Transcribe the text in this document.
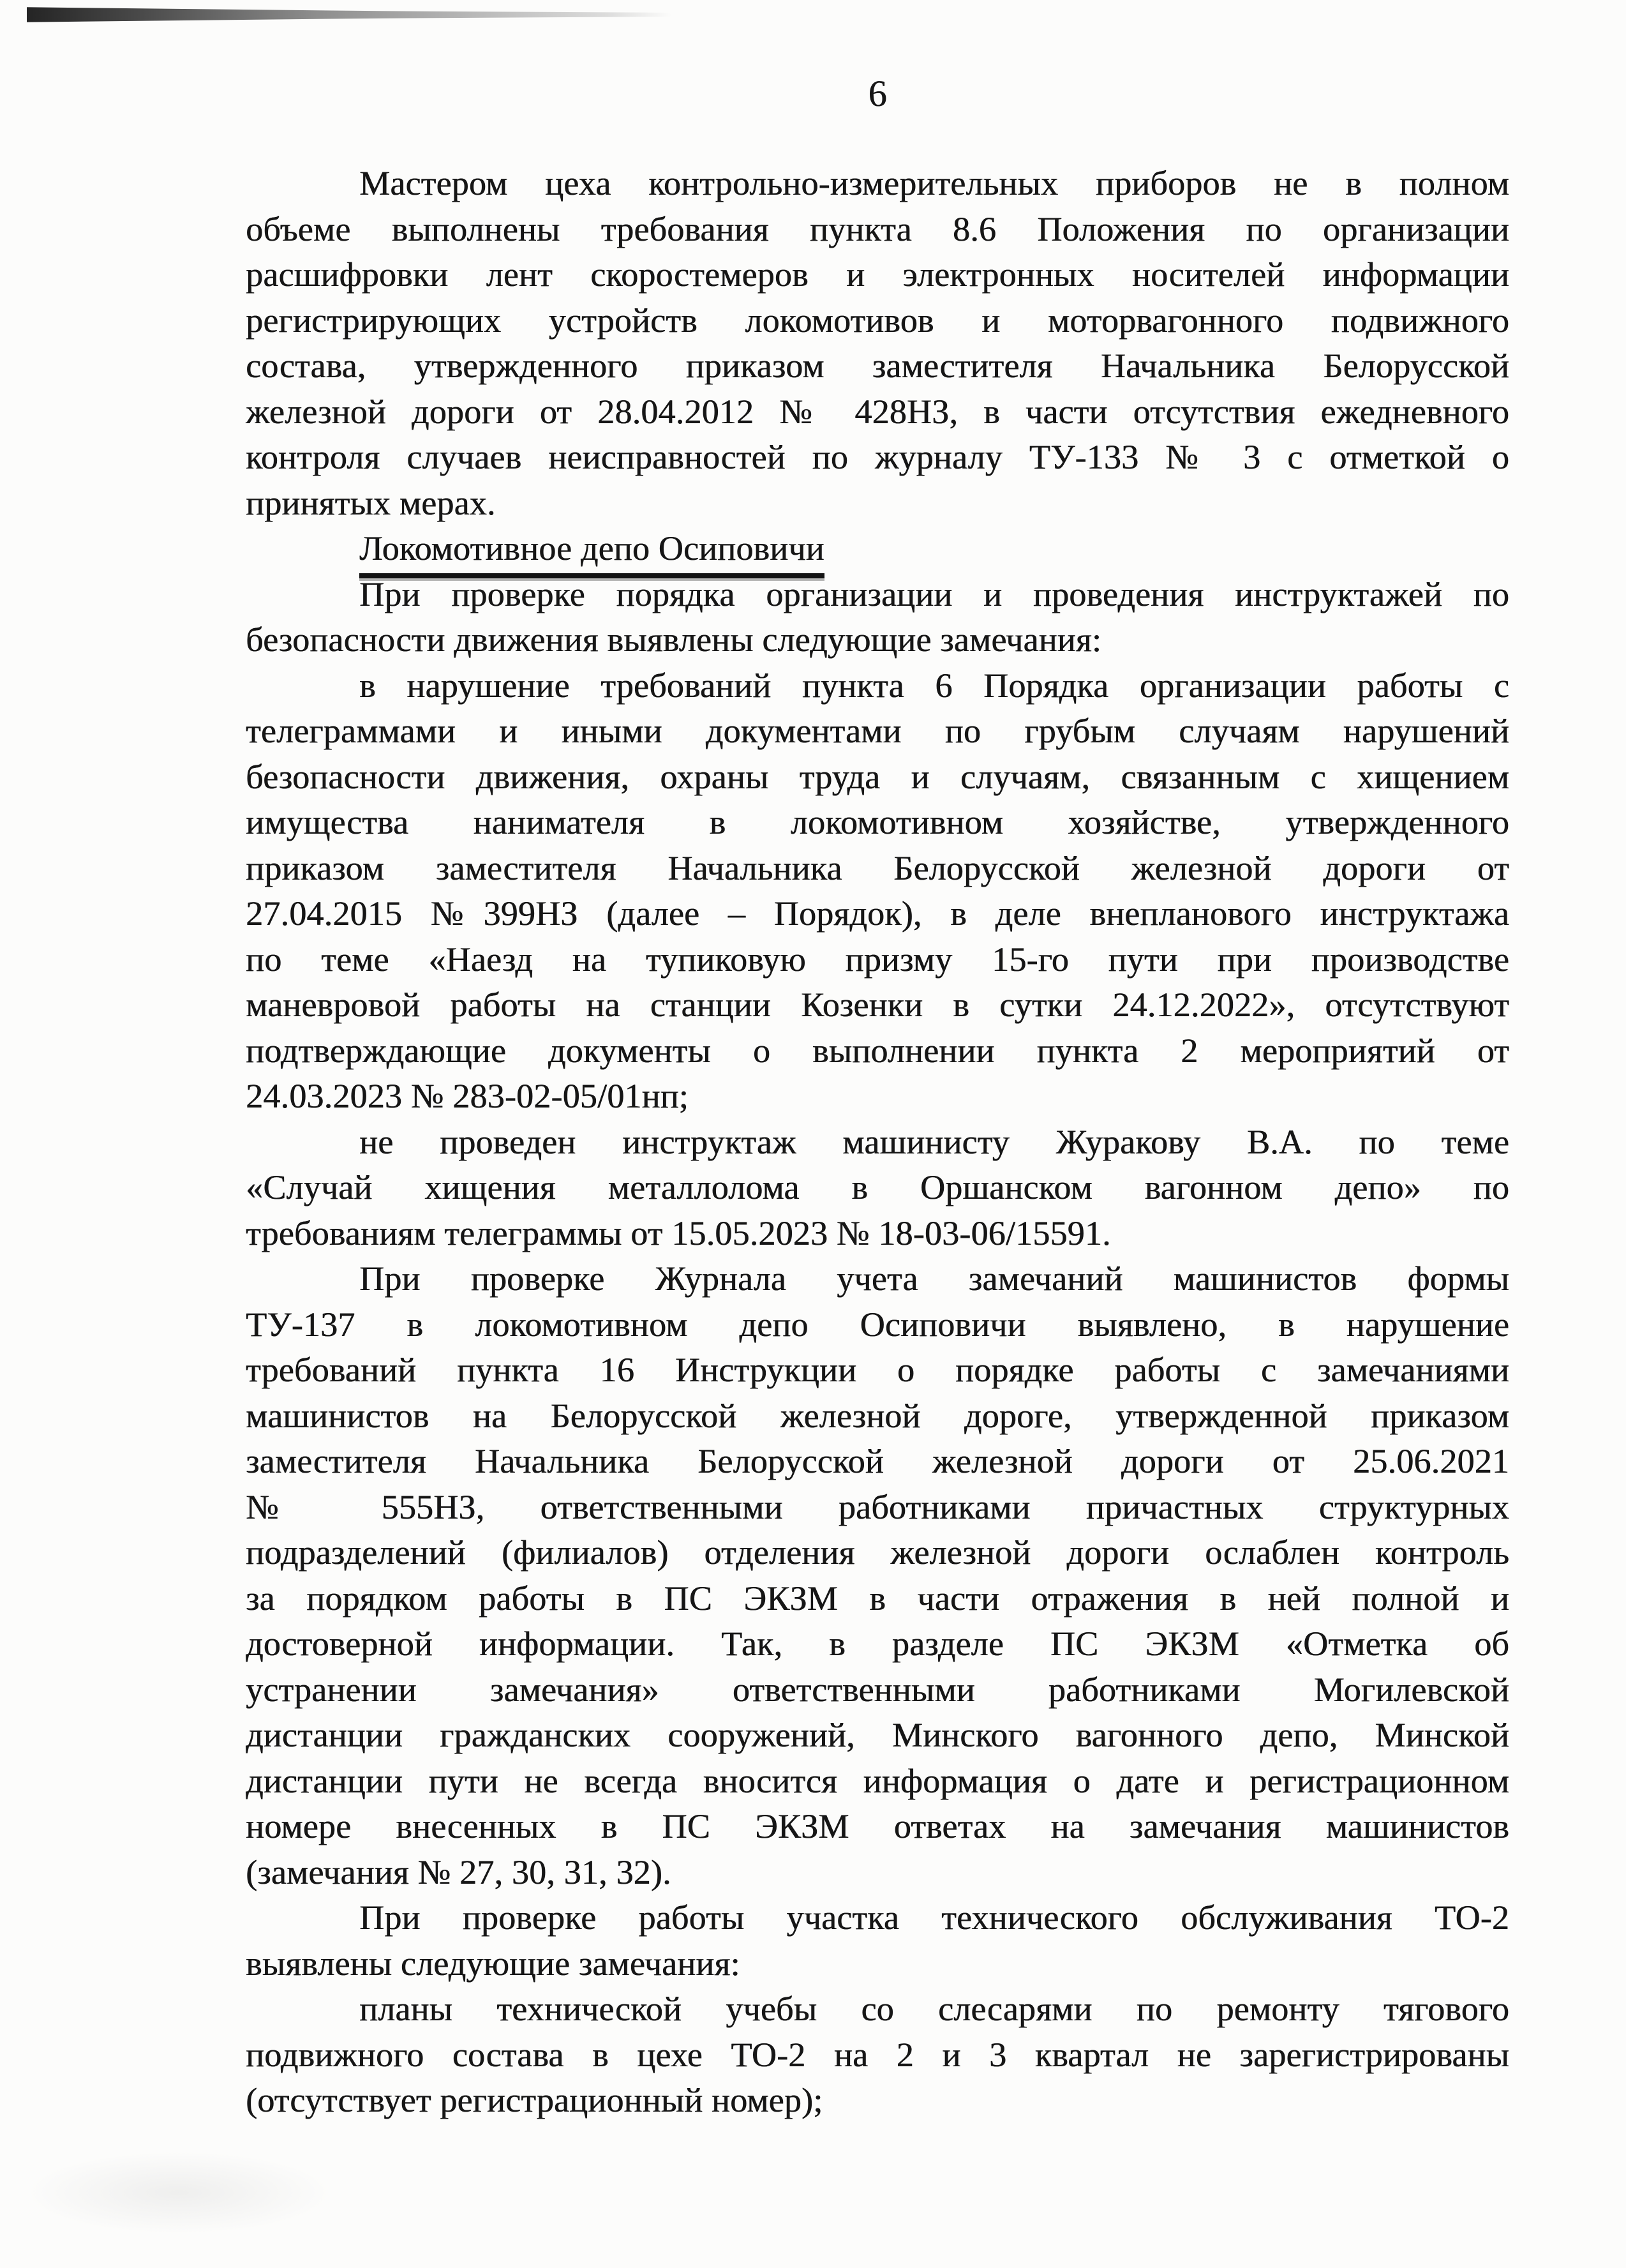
6
Мастером цеха контрольно-измерительных приборов не в полном
объеме выполнены требования пункта 8.6 Положения по организации
расшифровки лент скоростемеров и электронных носителей информации
регистрирующих устройств локомотивов и моторвагонного подвижного
состава, утвержденного приказом заместителя Начальника Белорусской
железной дороги от 28.04.2012 № 428НЗ, в части отсутствия ежедневного
контроля случаев неисправностей по журналу ТУ-133 № 3 с отметкой о
принятых мерах.
Локомотивное депо Осиповичи
При проверке порядка организации и проведения инструктажей по
безопасности движения выявлены следующие замечания:
в нарушение требований пункта 6 Порядка организации работы с
телеграммами и иными документами по грубым случаям нарушений
безопасности движения, охраны труда и случаям, связанным с хищением
имущества нанимателя в локомотивном хозяйстве, утвержденного
приказом заместителя Начальника Белорусской железной дороги от
27.04.2015 №399НЗ (далее – Порядок), в деле внепланового инструктажа
по теме «Наезд на тупиковую призму 15-го пути при производстве
маневровой работы на станции Козенки в сутки 24.12.2022», отсутствуют
подтверждающие документы о выполнении пункта 2 мероприятий от
24.03.2023 № 283-02-05/01нп;
не проведен инструктаж машинисту Журакову В.А. по теме
«Случай хищения металлолома в Оршанском вагонном депо» по
требованиям телеграммы от 15.05.2023 № 18-03-06/15591.
При проверке Журнала учета замечаний машинистов формы
ТУ-137 в локомотивном депо Осиповичи выявлено, в нарушение
требований пункта 16 Инструкции о порядке работы с замечаниями
машинистов на Белорусской железной дороге, утвержденной приказом
заместителя Начальника Белорусской железной дороги от 25.06.2021
№ 555НЗ, ответственными работниками причастных структурных
подразделений (филиалов) отделения железной дороги ослаблен контроль
за порядком работы в ПС ЭКЗМ в части отражения в ней полной и
достоверной информации. Так, в разделе ПС ЭКЗМ «Отметка об
устранении замечания» ответственными работниками Могилевской
дистанции гражданских сооружений, Минского вагонного депо, Минской
дистанции пути не всегда вносится информация о дате и регистрационном
номере внесенных в ПС ЭКЗМ ответах на замечания машинистов
(замечания № 27, 30, 31, 32).
При проверке работы участка технического обслуживания ТО-2
выявлены следующие замечания:
планы технической учебы со слесарями по ремонту тягового
подвижного состава в цехе ТО-2 на 2 и 3 квартал не зарегистрированы
(отсутствует регистрационный номер);
